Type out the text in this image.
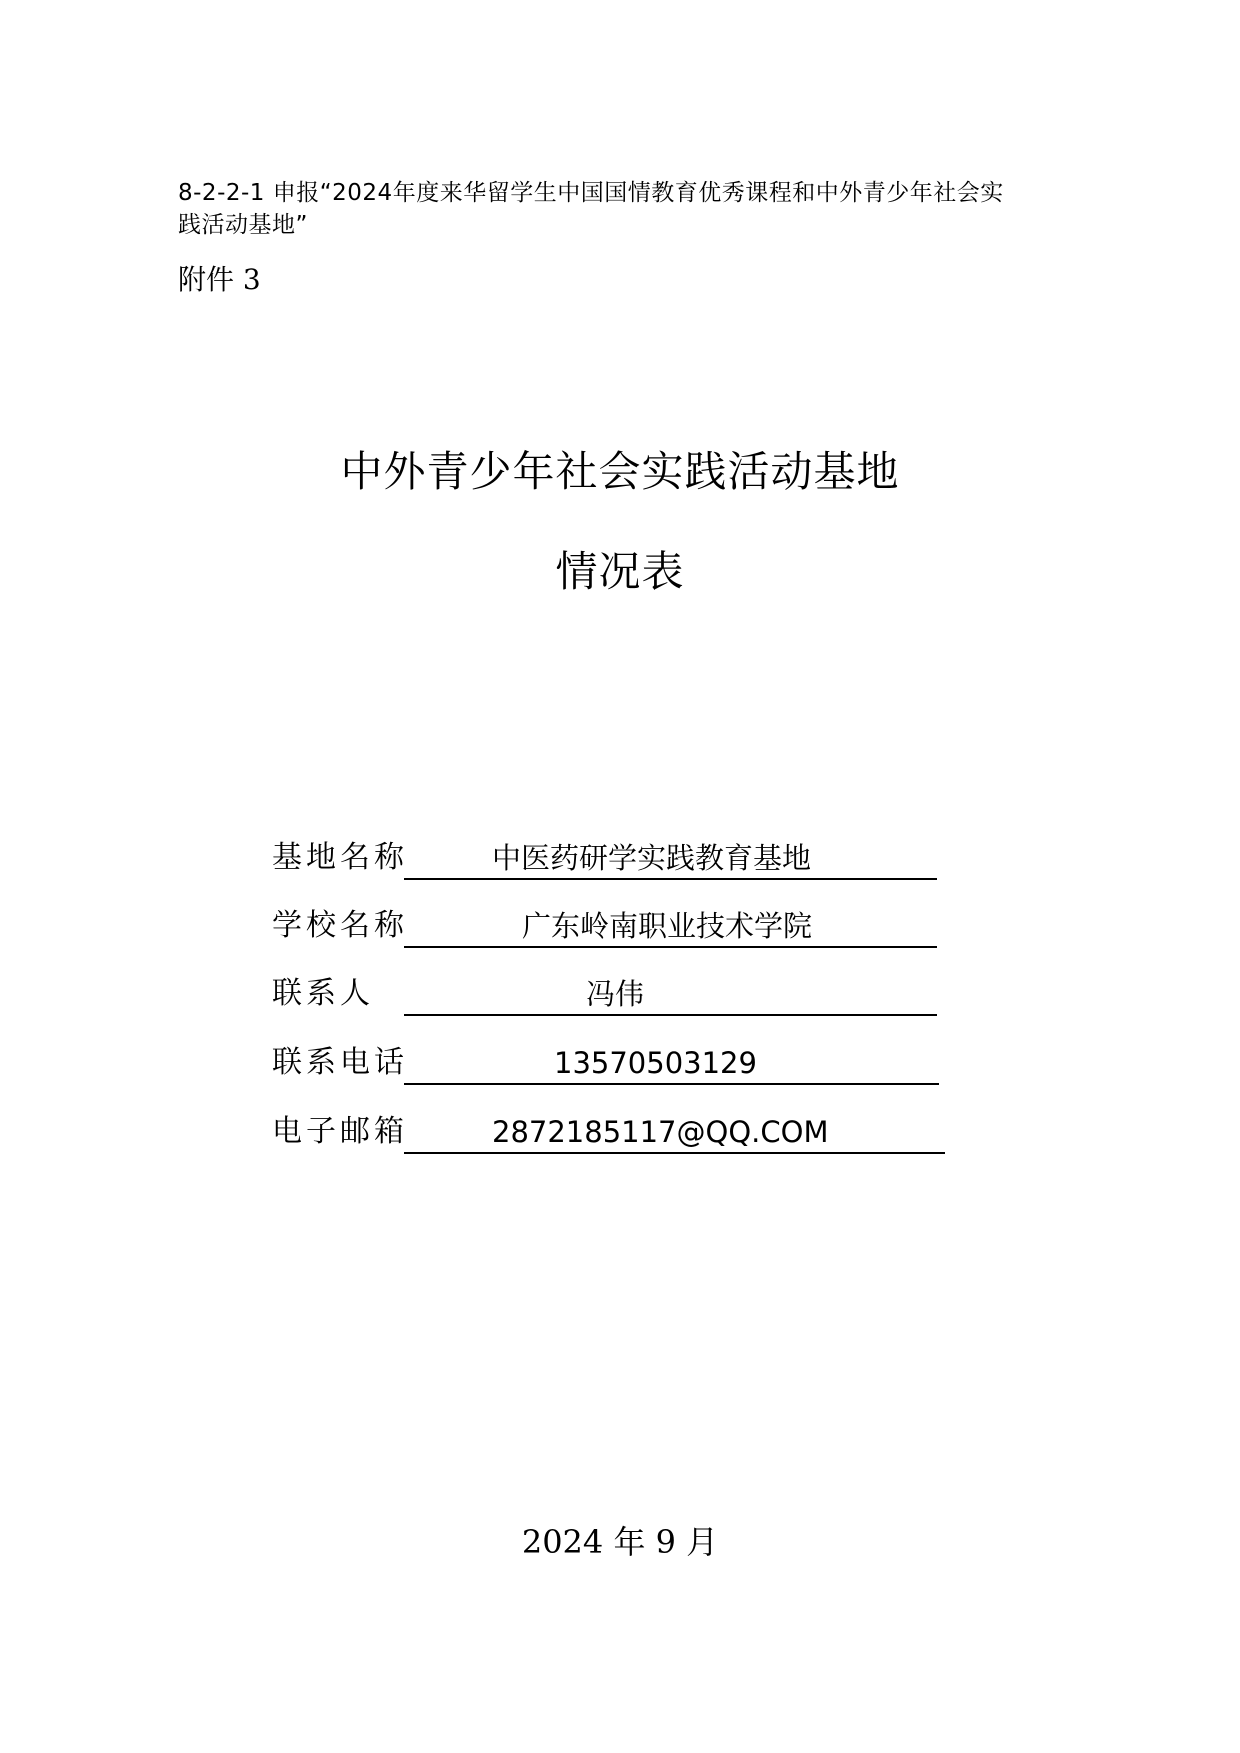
8-2-2-1 申报“2024年度来华留学生中国国情教育优秀课程和中外青少年社会实
践活动基地”
附件 3
中外青少年社会实践活动基地
情况表
基地名称	中医药研学实践教育基地
学校名称	广东岭南职业技术学院
联系人	冯伟
联系电话	13570503129
电子邮箱	2872185117@QQ.COM
2024 年 9 月
